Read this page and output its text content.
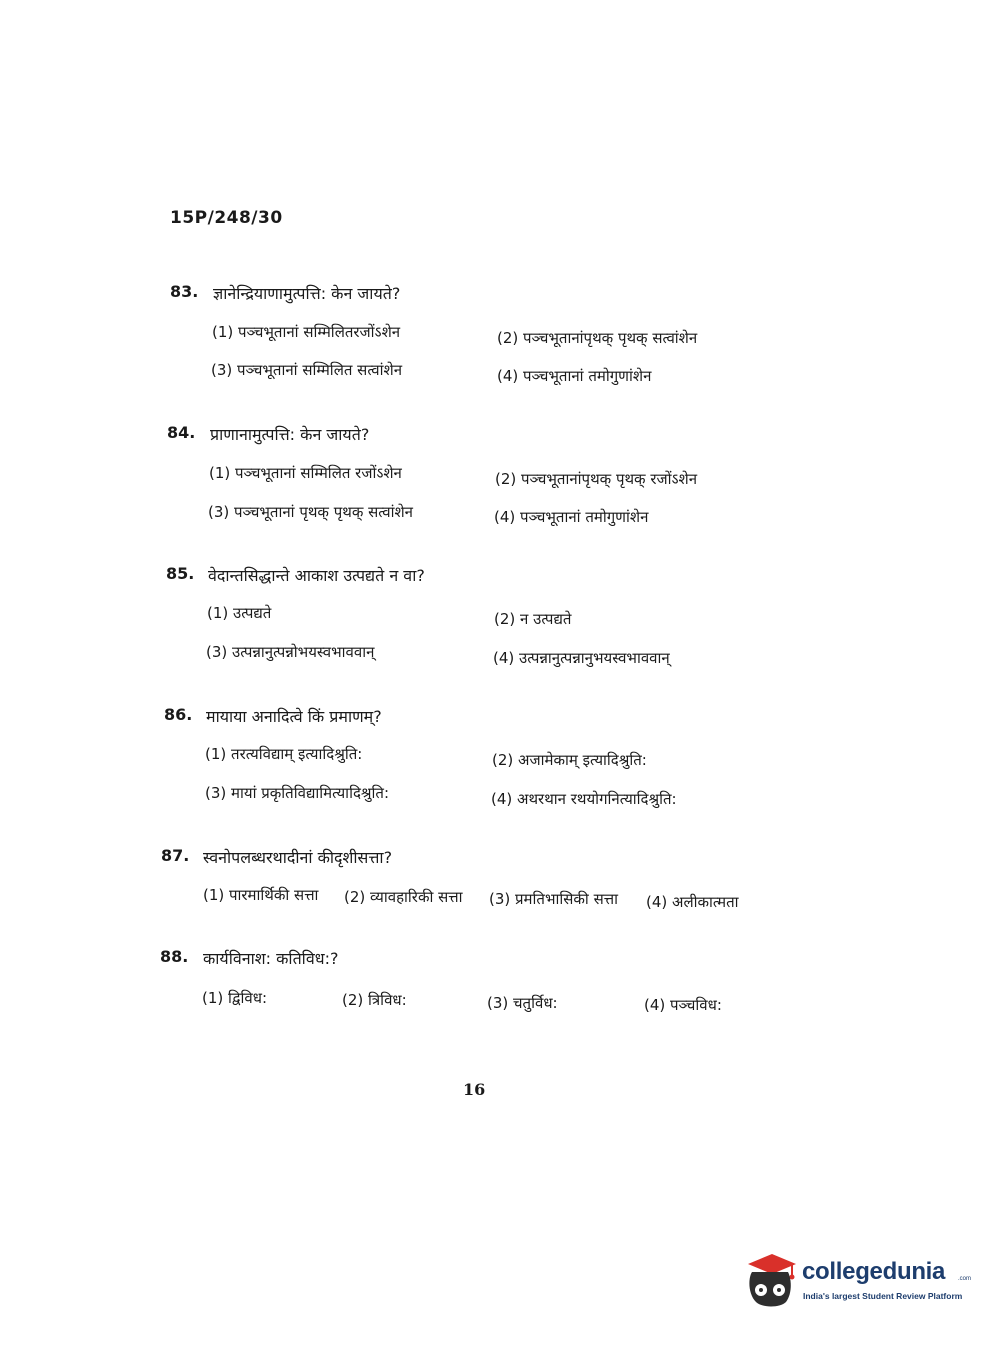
15P/248/30
83. ज्ञानेन्द्रियाणामुत्पत्ति: केन जायते?
(1) पञ्चभूतानां सम्मिलितरजोंऽशेन	(2) पञ्चभूतानांपृथक् पृथक् सत्वांशेन
(3) पञ्चभूतानां सम्मिलित सत्वांशेन	(4) पञ्चभूतानां तमोगुणांशेन
84. प्राणानामुत्पत्ति: केन जायते?
(1) पञ्चभूतानां सम्मिलित रजोंऽशेन	(2) पञ्चभूतानांपृथक् पृथक् रजोंऽशेन
(3) पञ्चभूतानां पृथक् पृथक् सत्वांशेन	(4) पञ्चभूतानां तमोगुणांशेन
85. वेदान्तसिद्धान्ते आकाश उत्पद्यते न वा?
(1) उत्पद्यते	(2) न उत्पद्यते
(3) उत्पन्नानुत्पन्नोभयस्वभाववान्	(4) उत्पन्नानुत्पन्नानुभयस्वभाववान्
86. मायाया अनादित्वे किं प्रमाणम्?
(1) तरत्यविद्याम् इत्यादिश्रुति:	(2) अजामेकाम् इत्यादिश्रुति:
(3) मायां प्रकृतिविद्यामित्यादिश्रुति:	(4) अथरथान रथयोगनित्यादिश्रुति:
87. स्वनोपलब्धरथादीनां कीदृशीसत्ता?
(1) पारमार्थिकी सत्ता (2) व्यावहारिकी सत्ता (3) प्रमतिभासिकी सत्ता (4) अलीकात्मता
88. कार्यविनाश: कतिविध:?
(1) द्विविध:	(2) त्रिविध:	(3) चतुर्विध:	(4) पञ्चविध:
16
collegedunia .com
India's largest Student Review Platform
